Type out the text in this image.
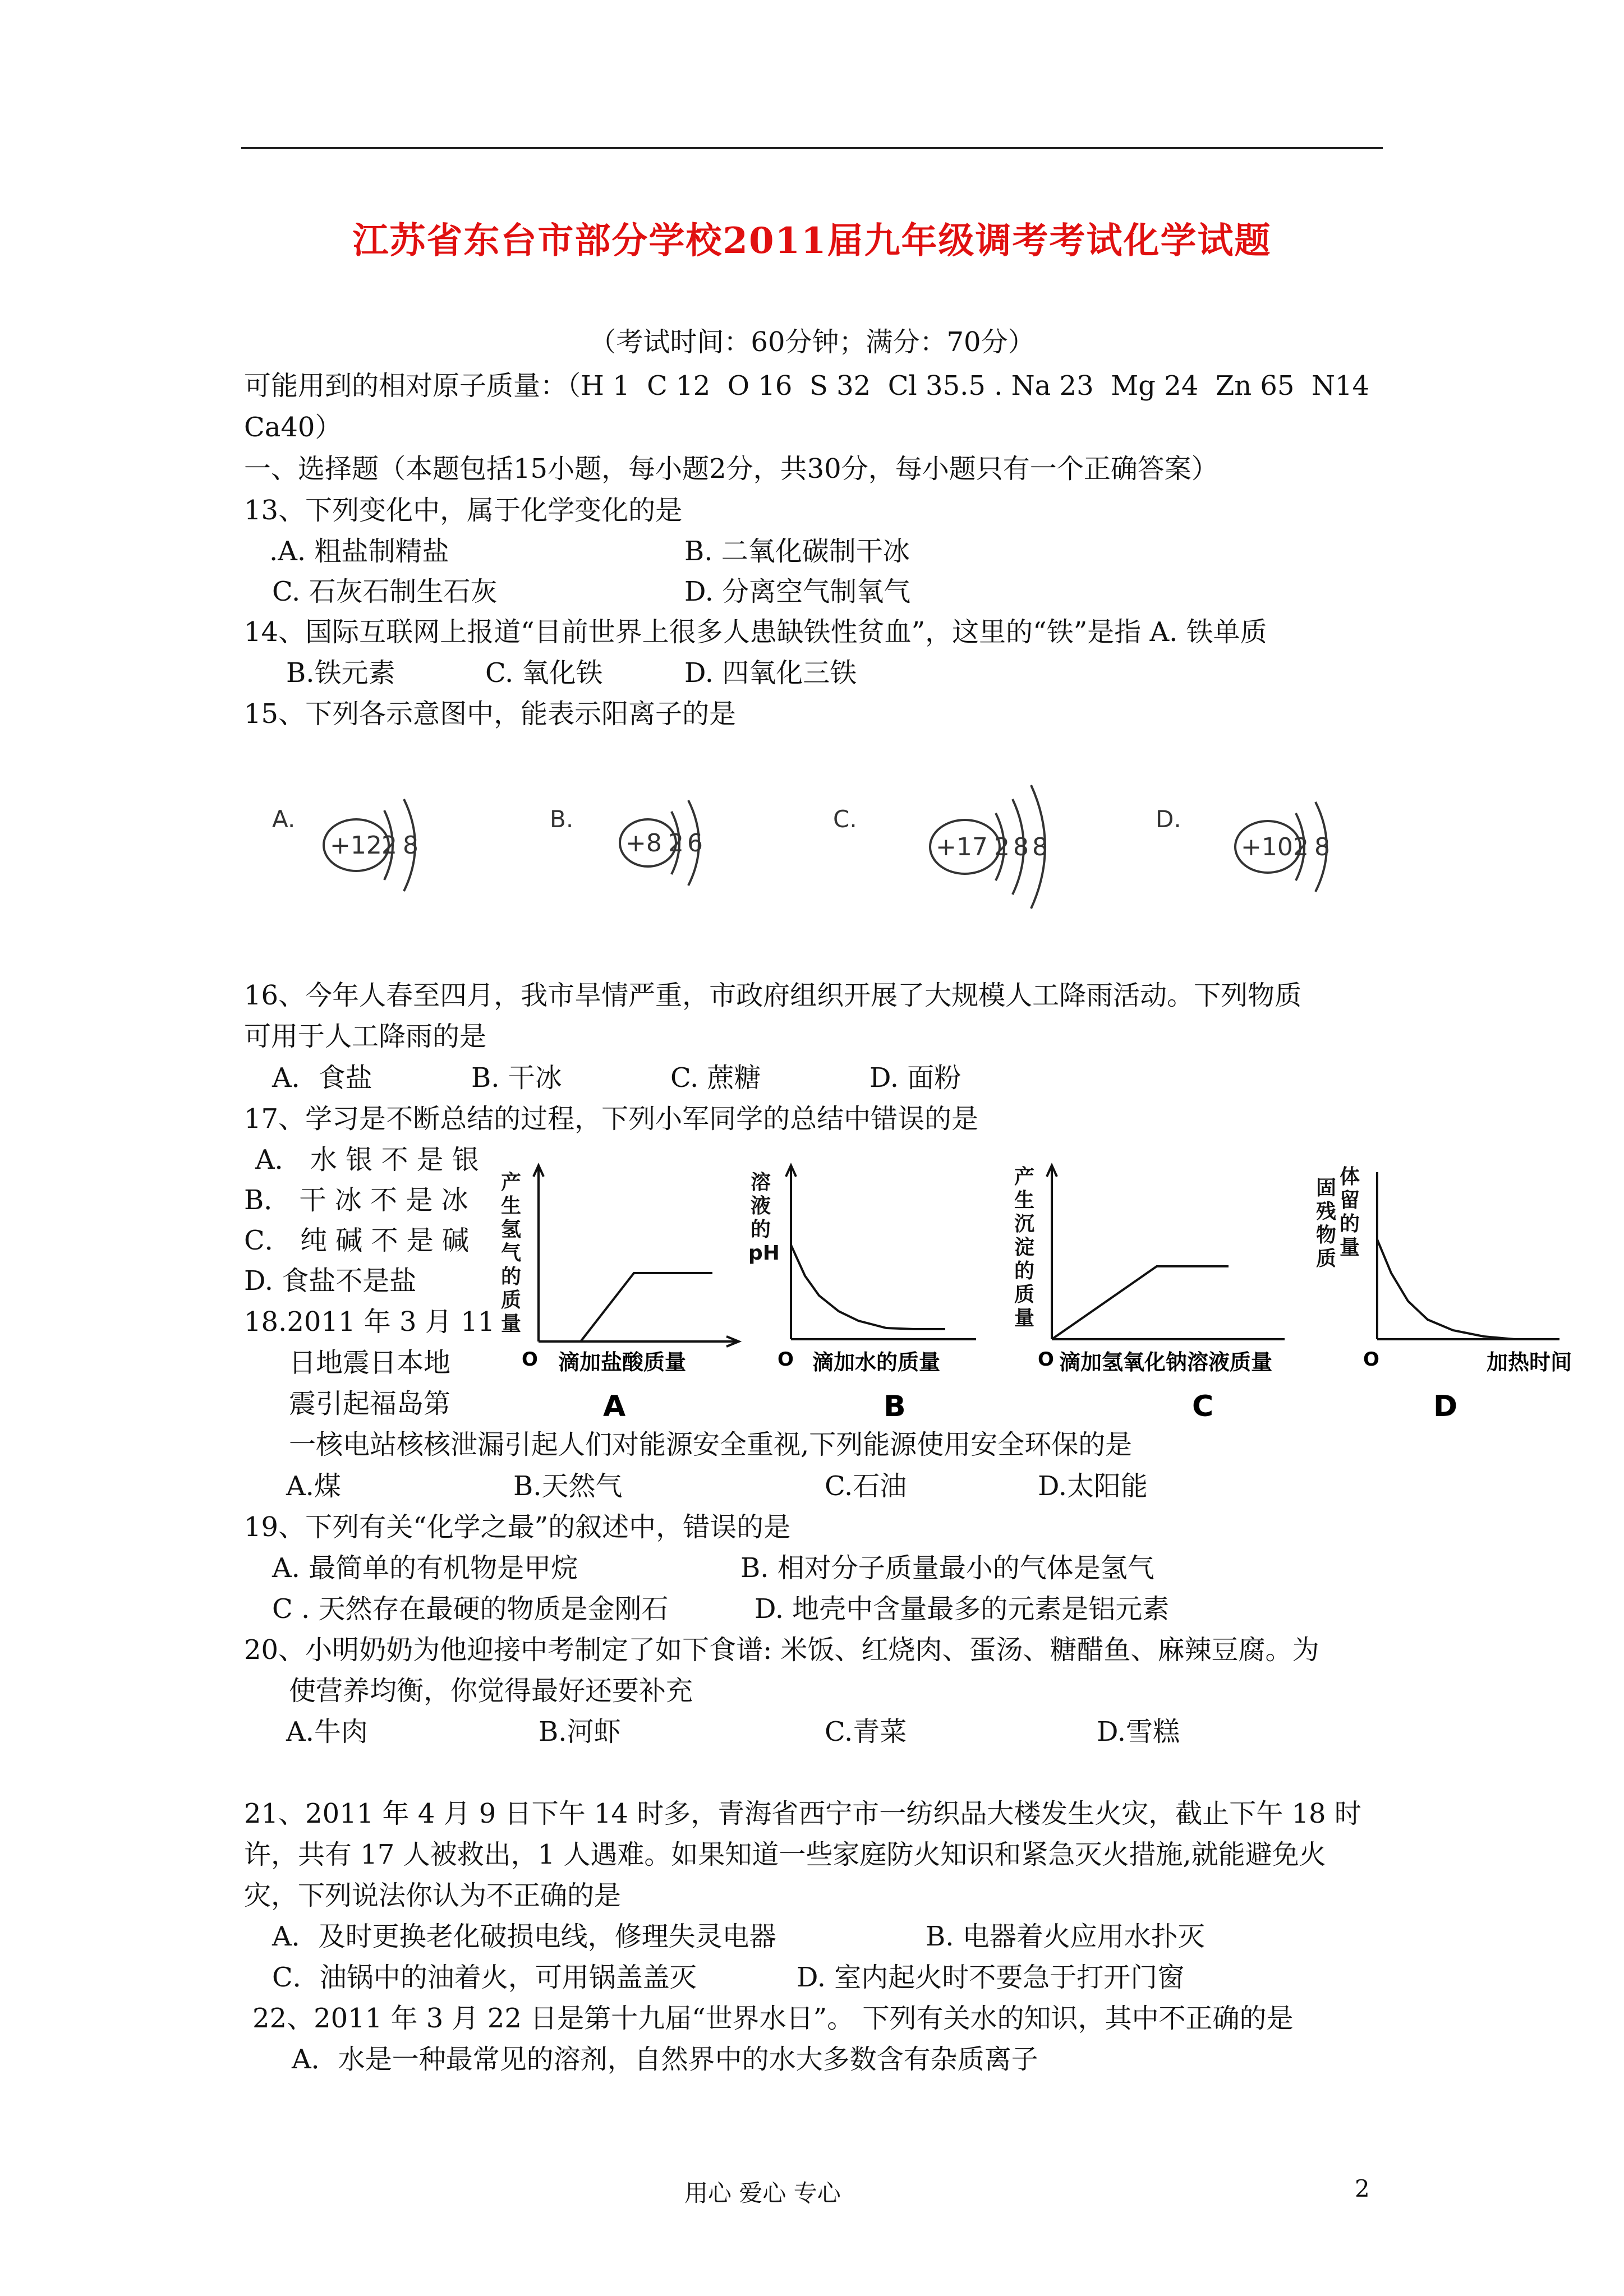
江苏省东台市部分学校2011届九年级调考考试化学试题
（考试时间：60分钟；满分：70分）
可能用到的相对原子质量：（H 1  C 12  O 16  S 32  Cl 35.5 . Na 23  Mg 24  Zn 65  N14
Ca40）
一、选择题（本题包括15小题，每小题2分，共30分，每小题只有一个正确答案）
13、下列变化中，属于化学变化的是
.A. 粗盐制精盐	B. 二氧化碳制干冰
C. 石灰石制生石灰	D. 分离空气制氧气
14、国际互联网上报道“目前世界上很多人患缺铁性贫血”，这里的“铁”是指 A. 铁单质
B.铁元素	C. 氧化铁	D. 四氧化三铁
15、下列各示意图中，能表示阳离子的是
A.
+12 2 8
B.
+8 2 6
C.
+17 2 8 8
D.
+10 2 8
16、今年人春至四月，我市旱情严重，市政府组织开展了大规模人工降雨活动。下列物质
可用于人工降雨的是
A．食盐	B. 干冰	C. 蔗糖	D. 面粉
17、学习是不断总结的过程，下列小军同学的总结中错误的是
A． 水 银 不 是 银
B． 干 冰 不 是 冰
C． 纯 碱 不 是 碱
D. 食盐不是盐
产
生
氢
气
的
质
量
O 滴加盐酸质量
A
溶
液
的
pH
O 滴加水的质量
B
产
生
沉
淀
的
质
量
O 滴加氢氧化钠溶液质量
C
固
残
物
质
体
留
的
量
O	加热时间
D
18.2011 年 3 月 11
日地震日本地
震引起福岛第
一核电站核核泄漏引起人们对能源安全重视,下列能源使用安全环保的是
A.煤	B.天然气	C.石油	D.太阳能
19、下列有关“化学之最”的叙述中，错误的是
A. 最简单的有机物是甲烷	B. 相对分子质量最小的气体是氢气
C . 天然存在最硬的物质是金刚石	D. 地壳中含量最多的元素是铝元素
20、小明奶奶为他迎接中考制定了如下食谱: 米饭、红烧肉、蛋汤、糖醋鱼、麻辣豆腐。为
使营养均衡，你觉得最好还要补充
A.牛肉	B.河虾	C.青菜	D.雪糕
21、2011 年 4 月 9 日下午 14 时多，青海省西宁市一纺织品大楼发生火灾，截止下午 18 时
许，共有 17 人被救出，1 人遇难。如果知道一些家庭防火知识和紧急灭火措施,就能避免火
灾，下列说法你认为不正确的是
A．及时更换老化破损电线，修理失灵电器	B. 电器着火应用水扑灭
C．油锅中的油着火，可用锅盖盖灭	D. 室内起火时不要急于打开门窗
22、2011 年 3 月 22 日是第十九届“世界水日”。 下列有关水的知识，其中不正确的是
A．水是一种最常见的溶剂，自然界中的水大多数含有杂质离子
用心 爱心 专心	2
